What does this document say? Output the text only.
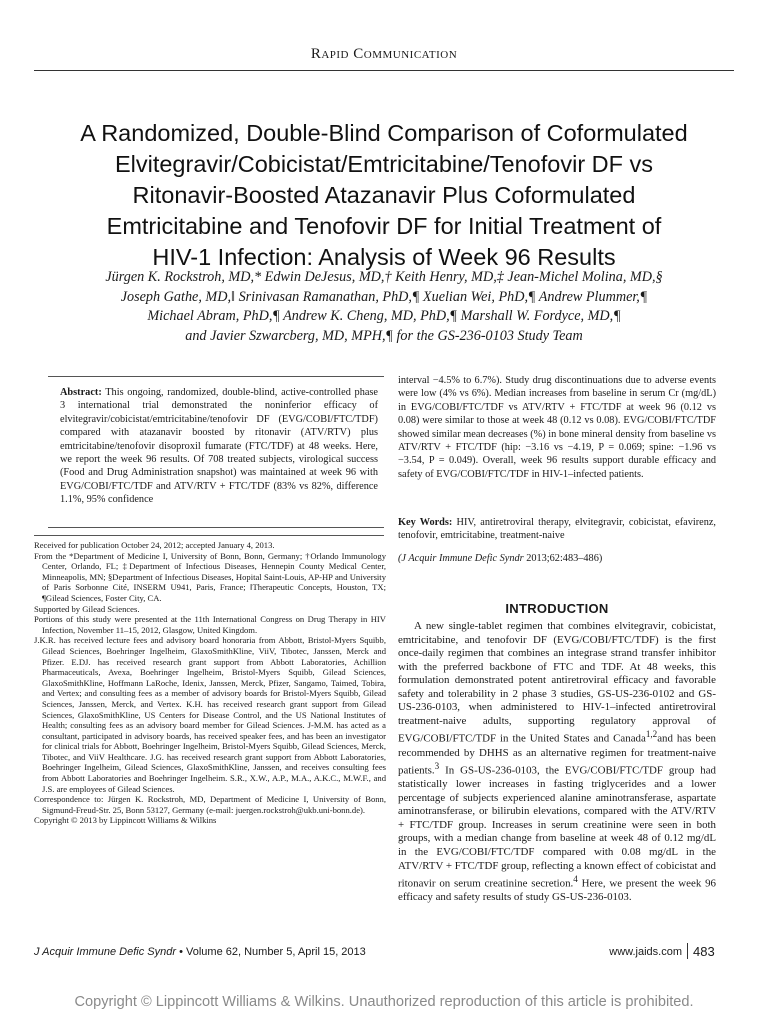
Rapid Communication
A Randomized, Double-Blind Comparison of Coformulated
Elvitegravir/Cobicistat/Emtricitabine/Tenofovir DF vs
Ritonavir-Boosted Atazanavir Plus Coformulated
Emtricitabine and Tenofovir DF for Initial Treatment of
HIV-1 Infection: Analysis of Week 96 Results
Jürgen K. Rockstroh, MD,* Edwin DeJesus, MD,† Keith Henry, MD,‡ Jean-Michel Molina, MD,§
Joseph Gathe, MD,‖ Srinivasan Ramanathan, PhD,¶ Xuelian Wei, PhD,¶ Andrew Plummer,¶
Michael Abram, PhD,¶ Andrew K. Cheng, MD, PhD,¶ Marshall W. Fordyce, MD,¶
and Javier Szwarcberg, MD, MPH,¶ for the GS-236-0103 Study Team
Abstract: This ongoing, randomized, double-blind, active-controlled phase 3 international trial demonstrated the noninferior efficacy of elvitegravir/cobicistat/emtricitabine/tenofovir DF (EVG/COBI/FTC/TDF) compared with atazanavir boosted by ritonavir (ATV/RTV) plus emtricitabine/tenofovir disoproxil fumarate (FTC/TDF) at 48 weeks. Here, we report the week 96 results. Of 708 treated subjects, virological success (Food and Drug Administration snapshot) was maintained at week 96 with EVG/COBI/FTC/TDF and ATV/RTV + FTC/TDF (83% vs 82%, difference 1.1%, 95% confidence
interval −4.5% to 6.7%). Study drug discontinuations due to adverse events were low (4% vs 6%). Median increases from baseline in serum Cr (mg/dL) in EVG/COBI/FTC/TDF vs ATV/RTV + FTC/TDF at week 96 (0.12 vs 0.08) were similar to those at week 48 (0.12 vs 0.08). EVG/COBI/FTC/TDF showed similar mean decreases (%) in bone mineral density from baseline vs ATV/RTV + FTC/TDF (hip: −3.16 vs −4.19, P = 0.069; spine: −1.96 vs −3.54, P = 0.049). Overall, week 96 results support durable efficacy and safety of EVG/COBI/FTC/TDF in HIV-1–infected patients.
Key Words: HIV, antiretroviral therapy, elvitegravir, cobicistat, efavirenz, tenofovir, emtricitabine, treatment-naive
(J Acquir Immune Defic Syndr 2013;62:483–486)

Received for publication October 24, 2012; accepted January 4, 2013.

From the *Department of Medicine I, University of Bonn, Bonn, Germany; †Orlando Immunology Center, Orlando, FL; ‡Department of Infectious Diseases, Hennepin County Medical Center, Minneapolis, MN; §Department of Infectious Diseases, Hopital Saint-Louis, AP-HP and University of Paris Sorbonne Cité, INSERM U941, Paris, France; ‖Therapeutic Concepts, Houston, TX; ¶Gilead Sciences, Foster City, CA.

Supported by Gilead Sciences.

Portions of this study were presented at the 11th International Congress on Drug Therapy in HIV Infection, November 11–15, 2012, Glasgow, United Kingdom.

J.K.R. has received lecture fees and advisory board honoraria from Abbott, Bristol-Myers Squibb, Gilead Sciences, Boehringer Ingelheim, GlaxoSmithKline, ViiV, Tibotec, Janssen, Merck and Pfizer. E.DJ. has received research grant support from Abbott Laboratories, Achillion Pharmaceuticals, Avexa, Boehringer Ingelheim, Bristol-Myers Squibb, Gilead Sciences, GlaxoSmithKline, Hoffmann LaRoche, Idenix, Janssen, Merck, Pfizer, Sangamo, Taimed, Tobira, and Vertex; and consulting fees as a member of advisory boards for Bristol-Myers Squibb, Gilead Sciences, Janssen, Merck, and Vertex. K.H. has received research grant support from Gilead Sciences, GlaxoSmithKline, US Centers for Disease Control, and the US National Institutes of Health; consulting fees as an advisory board member for Gilead Sciences. J-M.M. has acted as a consultant, participated in advisory boards, has received speaker fees, and has been an investigator for clinical trials for Abbott, Boehringer Ingelheim, Bristol-Myers Squibb, Gilead Sciences, Merck, Tibotec, and ViiV Healthcare. J.G. has received research grant support from Abbott Laboratories, Boehringer Ingelheim, Gilead Sciences, GlaxoSmithKline, Janssen, and receives consulting fees from Abbott Laboratories and Boehringer Ingelheim. S.R., X.W., A.P., M.A., A.K.C., M.W.F., and J.S. are employees of Gilead Sciences.

Correspondence to: Jürgen K. Rockstroh, MD, Department of Medicine I, University of Bonn, Sigmund-Freud-Str. 25, Bonn 53127, Germany (e-mail: juergen.rockstroh@ukb.uni-bonn.de).

Copyright © 2013 by Lippincott Williams & Wilkins

INTRODUCTION
A new single-tablet regimen that combines elvitegravir, cobicistat, emtricitabine, and tenofovir DF (EVG/COBI/FTC/TDF) is the first once-daily regimen that combines an integrase strand transfer inhibitor with the preferred backbone of FTC and TDF. At 48 weeks, this formulation demonstrated potent antiretroviral efficacy and favorable safety and tolerability in 2 phase 3 studies, GS-US-236-0102 and GS-US-236-0103, when administered to HIV-1–infected antiretroviral treatment-naive adults, supporting regulatory approval of EVG/COBI/FTC/TDF in the United States and Canada$^{1,2}$and has been recommended by DHHS as an alternative regimen for treatment-naive patients.$^3$ In GS-US-236-0103, the EVG/COBI/FTC/TDF group had statistically lower increases in fasting triglycerides and a lower percentage of subjects experienced alanine aminotransferase, aspartate aminotransferase, or bilirubin elevations, compared with the ATV/RTV + FTC/TDF group. Increases in serum creatinine were seen in both groups, with a median change from baseline at week 48 of 0.12 mg/dL in the EVG/COBI/FTC/TDF compared with 0.08 mg/dL in the ATV/RTV + FTC/TDF group, reflecting a known effect of cobicistat and ritonavir on serum creatinine secretion.$^4$ Here, we present the week 96 efficacy and safety results of study GS-US-236-0103.
J Acquir Immune Defic Syndr • Volume 62, Number 5, April 15, 2013	www.jaids.com 483
Copyright © Lippincott Williams & Wilkins. Unauthorized reproduction of this article is prohibited.
